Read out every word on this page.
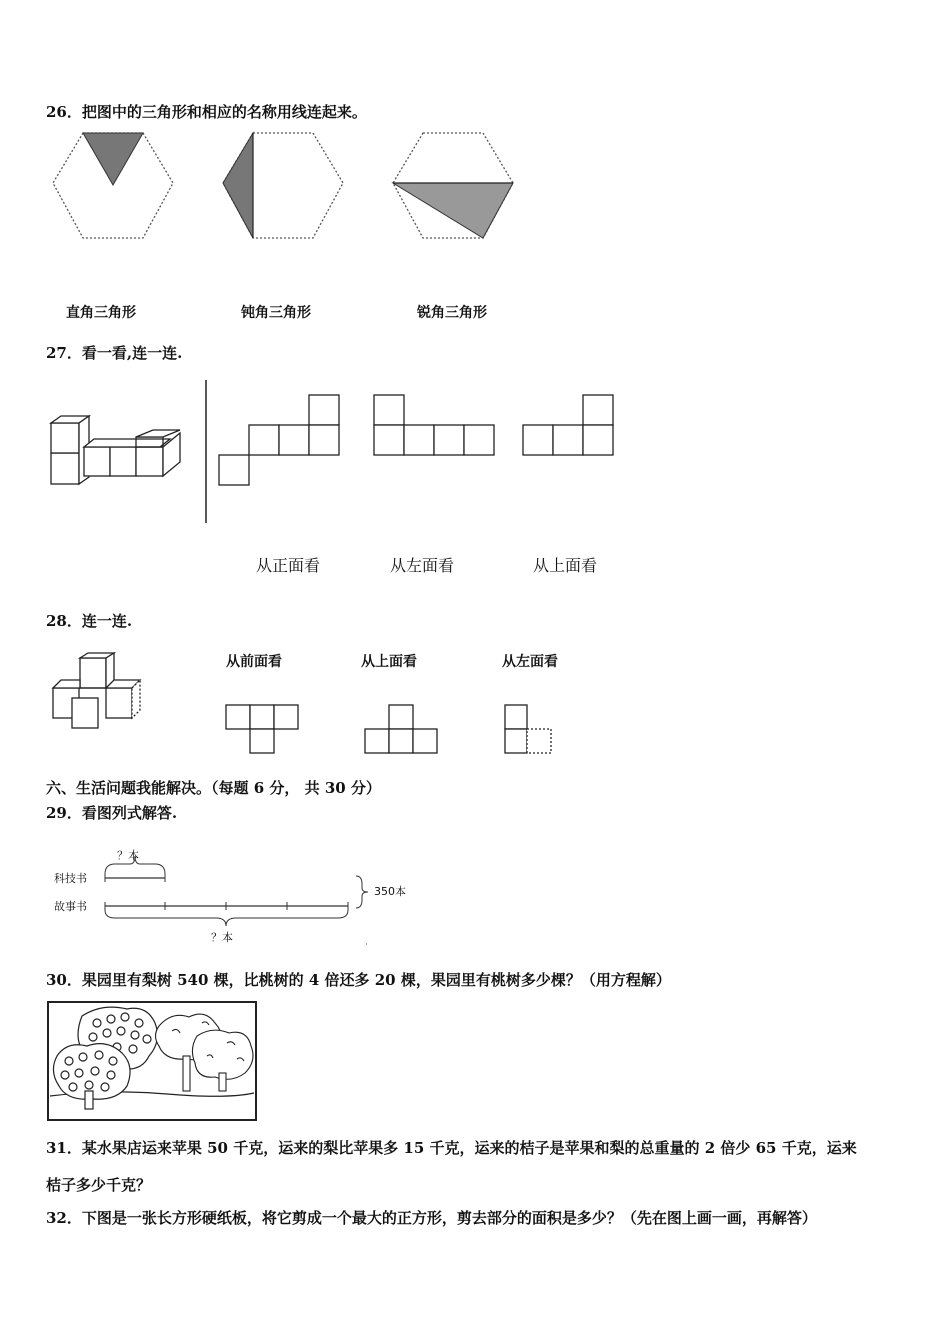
26．把图中的三角形和相应的名称用线连起来。
直角三角形	钝角三角形	锐角三角形
27．看一看,连一连.
从正面看	从左面看	从上面看
28．连一连.
从前面看	从上面看	从左面看
六、生活问题我能解决。（每题 6 分， 共 30 分）
29．看图列式解答.
？本
科技书
故事书
？本
350本
30．果园里有梨树 540 棵，比桃树的 4 倍还多 20 棵，果园里有桃树多少棵？（用方程解）
31．某水果店运来苹果 50 千克，运来的梨比苹果多 15 千克，运来的桔子是苹果和梨的总重量的 2 倍少 65 千克，运来
桔子多少千克？
32．下图是一张长方形硬纸板，将它剪成一个最大的正方形，剪去部分的面积是多少？（先在图上画一画，再解答）
